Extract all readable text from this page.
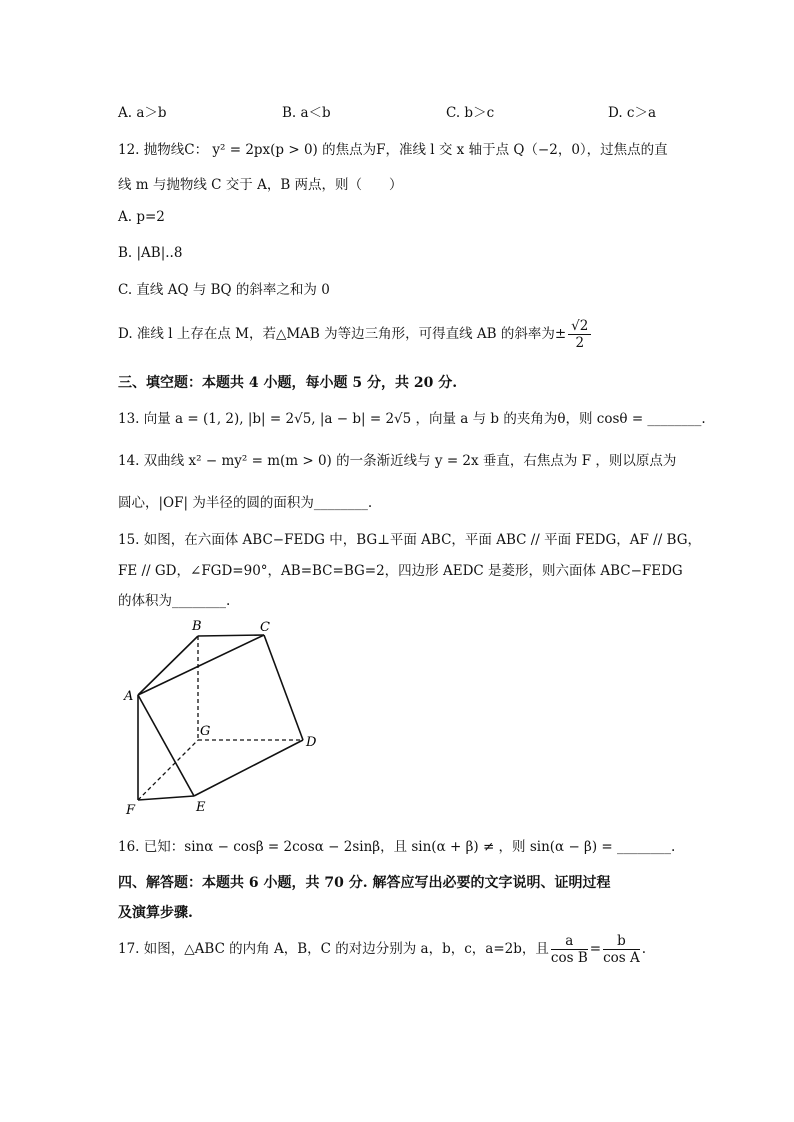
A. a＞b	B. a＜b	C. b＞c	D. c＞a
12. 抛物线C： y² = 2px(p > 0) 的焦点为F，准线 l 交 x 轴于点 Q（−2，0），过焦点的直
线 m 与抛物线 C 交于 A，B 两点，则（　　）
A. p=2
B. |AB|..8
C. 直线 AQ 与 BQ 的斜率之和为 0
D. 准线 l 上存在点 M，若△MAB 为等边三角形，可得直线 AB 的斜率为± $\frac{√2}{2}$
三、填空题：本题共 4 小题，每小题 5 分，共 20 分.
13. 向量 a = (1, 2), |b| = 2√5, |a − b| = 2√5 ，向量 a 与 b 的夹角为θ，则 cosθ = ________.
14. 双曲线 x² − my² = m(m > 0) 的一条渐近线与 y = 2x 垂直，右焦点为 F ，则以原点为
圆心，|OF| 为半径的圆的面积为________.
15. 如图，在六面体 ABC−FEDG 中，BG⊥平面 ABC，平面 ABC // 平面 FEDG，AF // BG，
FE // GD，∠FGD=90°，AB=BC=BG=2，四边形 AEDC 是菱形，则六面体 ABC−FEDG
的体积为________.
B	C
A
G
D
F	E
16. 已知：sinα − cosβ = 2cosα − 2sinβ，且 sin(α + β) ≠ ，则 sin(α − β) = ________.
四、解答题：本题共 6 小题，共 70 分. 解答应写出必要的文字说明、证明过程
及演算步骤.
17. 如图，△ABC 的内角 A，B，C 的对边分别为 a，b，c，a=2b，且 $\frac{a}{\text{cos B}} = \frac{b}{\text{cos A}}$ .
